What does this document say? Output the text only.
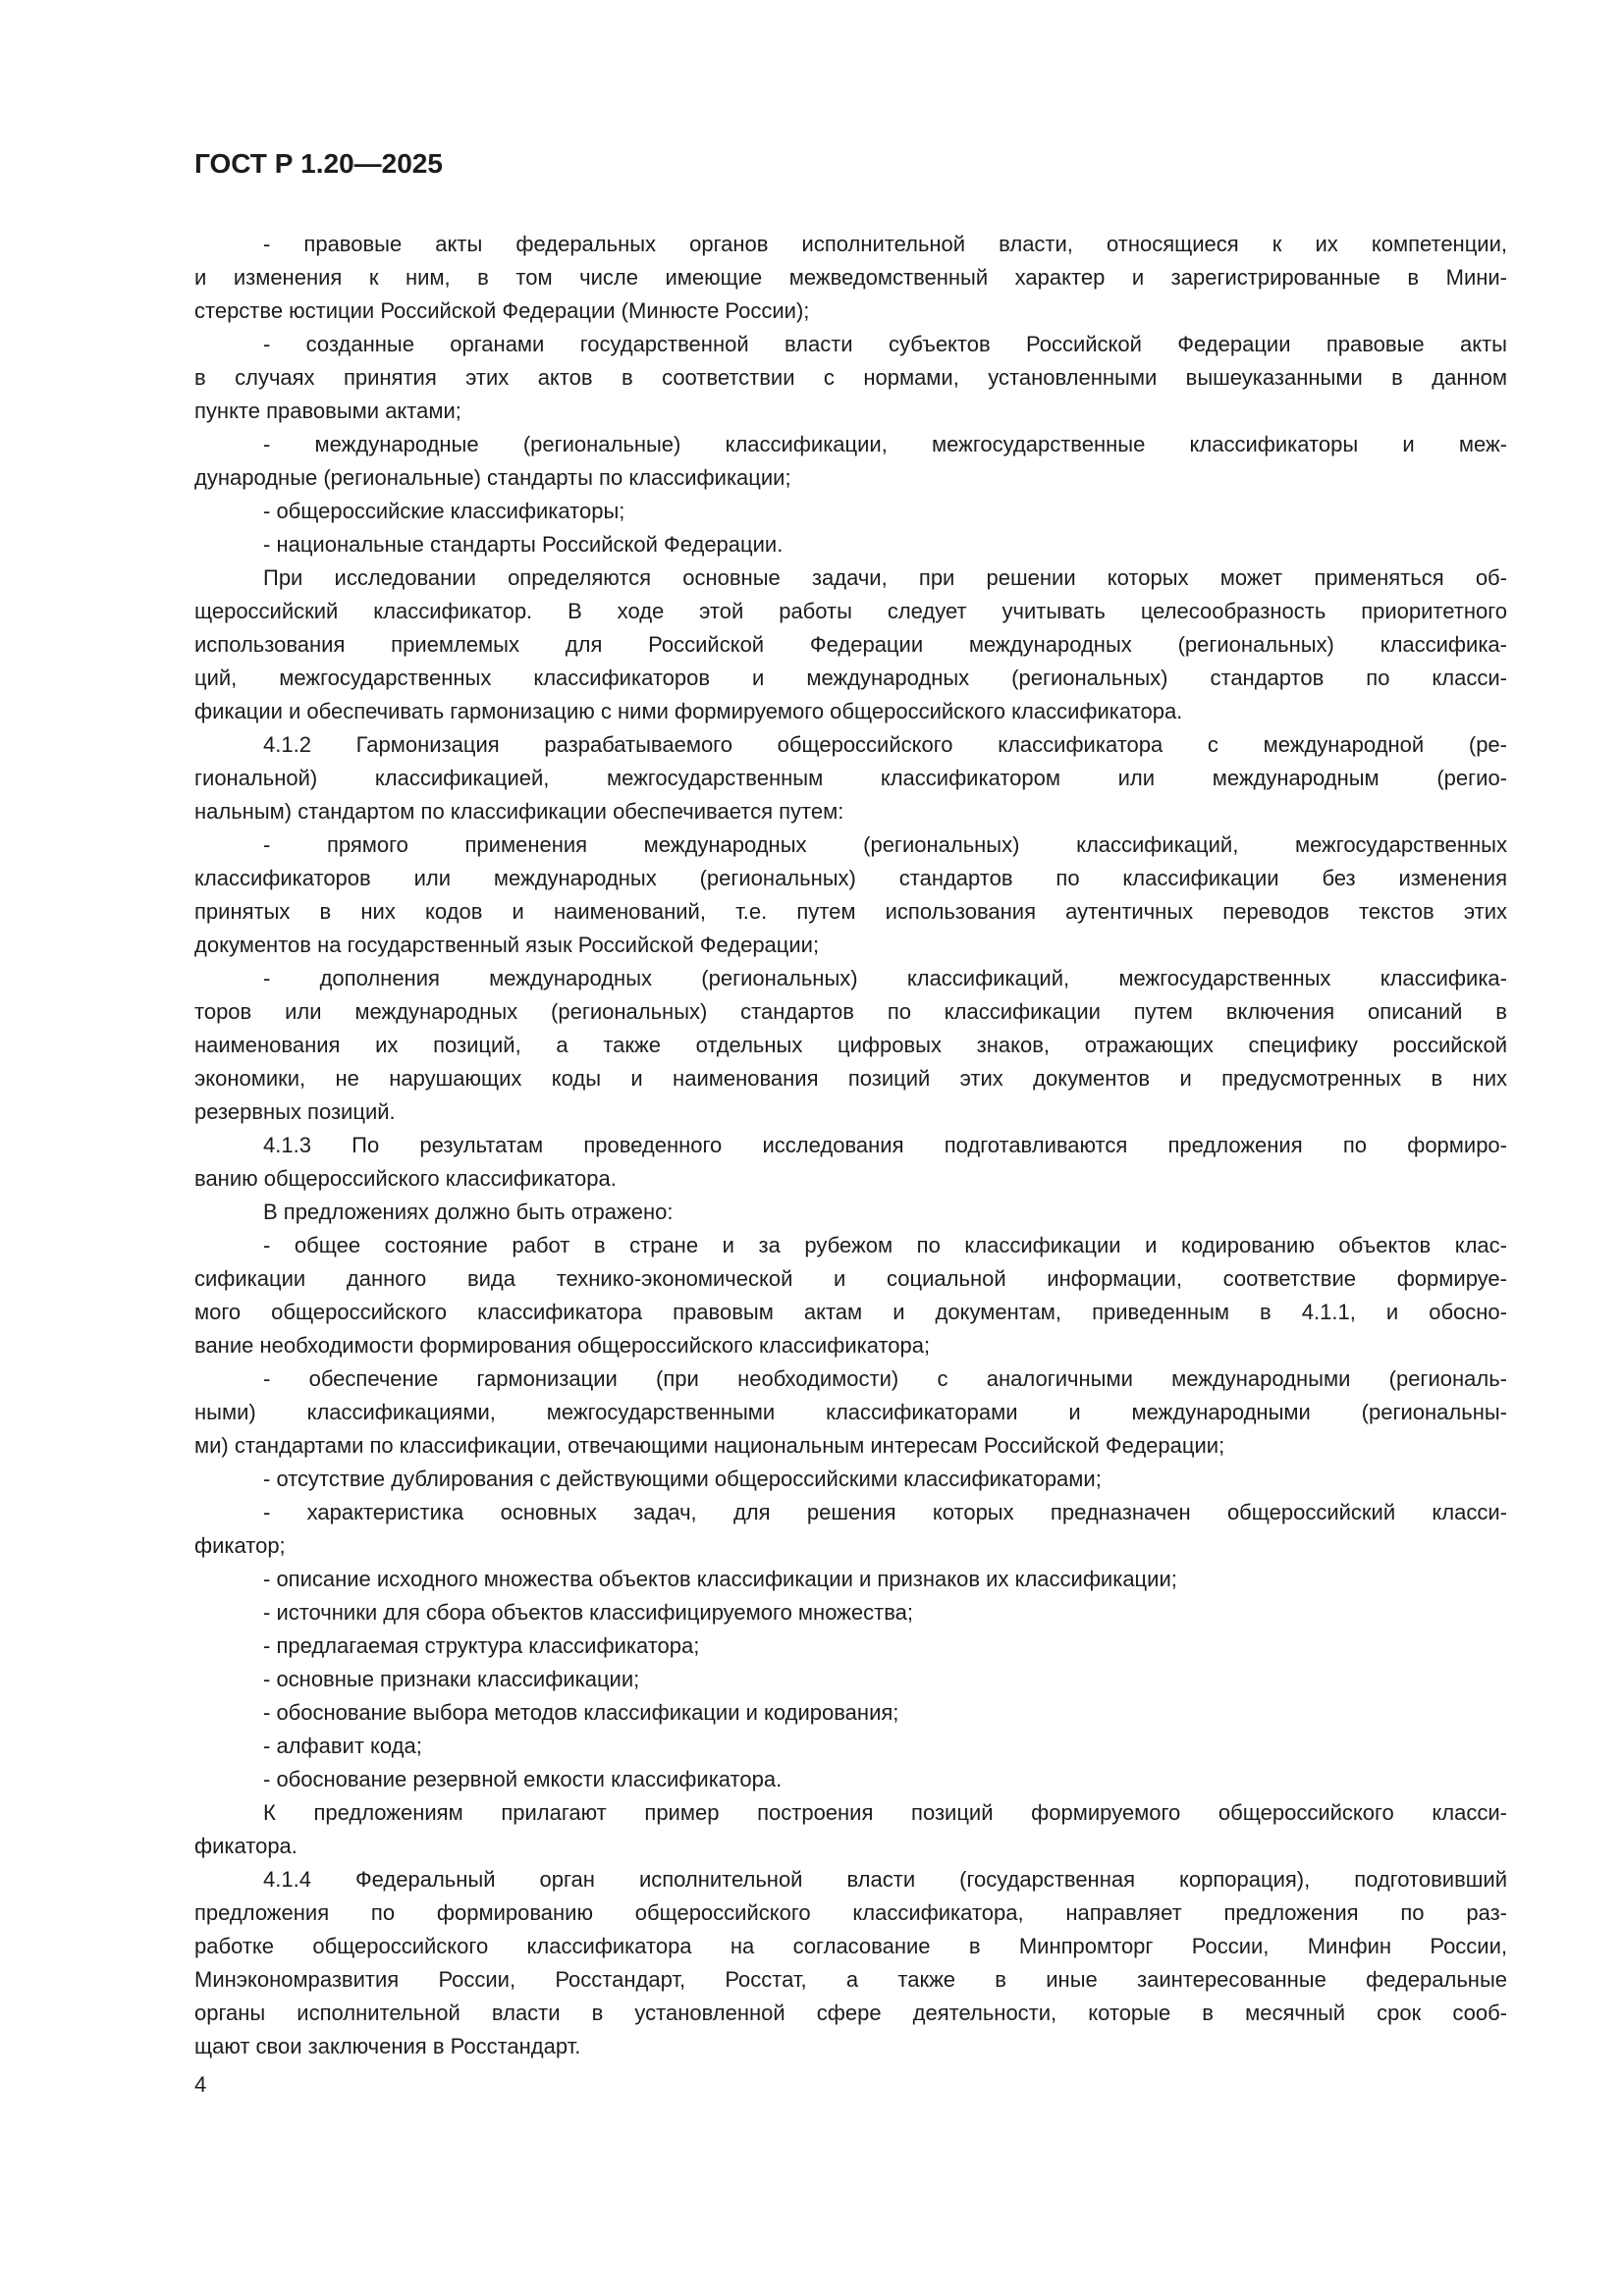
ГОСТ Р 1.20—2025
- правовые акты федеральных органов исполнительной власти, относящиеся к их компетенции,
и изменения к ним, в том числе имеющие межведомственный характер и зарегистрированные в Мини-
стерстве юстиции Российской Федерации (Минюсте России);
- созданные органами государственной власти субъектов Российской Федерации правовые акты
в случаях принятия этих актов в соответствии с нормами, установленными вышеуказанными в данном
пункте правовыми актами;
- международные (региональные) классификации, межгосударственные классификаторы и меж-
дународные (региональные) стандарты по классификации;
- общероссийские классификаторы;
- национальные стандарты Российской Федерации.
При исследовании определяются основные задачи, при решении которых может применяться об-
щероссийский классификатор. В ходе этой работы следует учитывать целесообразность приоритетного
использования приемлемых для Российской Федерации международных (региональных) классифика-
ций, межгосударственных классификаторов и международных (региональных) стандартов по класси-
фикации и обеспечивать гармонизацию с ними формируемого общероссийского классификатора.
4.1.2 Гармонизация разрабатываемого общероссийского классификатора с международной (ре-
гиональной) классификацией, межгосударственным классификатором или международным (регио-
нальным) стандартом по классификации обеспечивается путем:
- прямого применения международных (региональных) классификаций, межгосударственных
классификаторов или международных (региональных) стандартов по классификации без изменения
принятых в них кодов и наименований, т.е. путем использования аутентичных переводов текстов этих
документов на государственный язык Российской Федерации;
- дополнения международных (региональных) классификаций, межгосударственных классифика-
торов или международных (региональных) стандартов по классификации путем включения описаний в
наименования их позиций, а также отдельных цифровых знаков, отражающих специфику российской
экономики, не нарушающих коды и наименования позиций этих документов и предусмотренных в них
резервных позиций.
4.1.3 По результатам проведенного исследования подготавливаются предложения по формиро-
ванию общероссийского классификатора.
В предложениях должно быть отражено:
- общее состояние работ в стране и за рубежом по классификации и кодированию объектов клас-
сификации данного вида технико-экономической и социальной информации, соответствие формируе-
мого общероссийского классификатора правовым актам и документам, приведенным в 4.1.1, и обосно-
вание необходимости формирования общероссийского классификатора;
- обеспечение гармонизации (при необходимости) с аналогичными международными (региональ-
ными) классификациями, межгосударственными классификаторами и международными (региональны-
ми) стандартами по классификации, отвечающими национальным интересам Российской Федерации;
- отсутствие дублирования с действующими общероссийскими классификаторами;
- характеристика основных задач, для решения которых предназначен общероссийский класси-
фикатор;
- описание исходного множества объектов классификации и признаков их классификации;
- источники для сбора объектов классифицируемого множества;
- предлагаемая структура классификатора;
- основные признаки классификации;
- обоснование выбора методов классификации и кодирования;
- алфавит кода;
- обоснование резервной емкости классификатора.
К предложениям прилагают пример построения позиций формируемого общероссийского класси-
фикатора.
4.1.4 Федеральный орган исполнительной власти (государственная корпорация), подготовивший
предложения по формированию общероссийского классификатора, направляет предложения по раз-
работке общероссийского классификатора на согласование в Минпромторг России, Минфин России,
Минэкономразвития России, Росстандарт, Росстат, а также в иные заинтересованные федеральные
органы исполнительной власти в установленной сфере деятельности, которые в месячный срок сооб-
щают свои заключения в Росстандарт.
4
